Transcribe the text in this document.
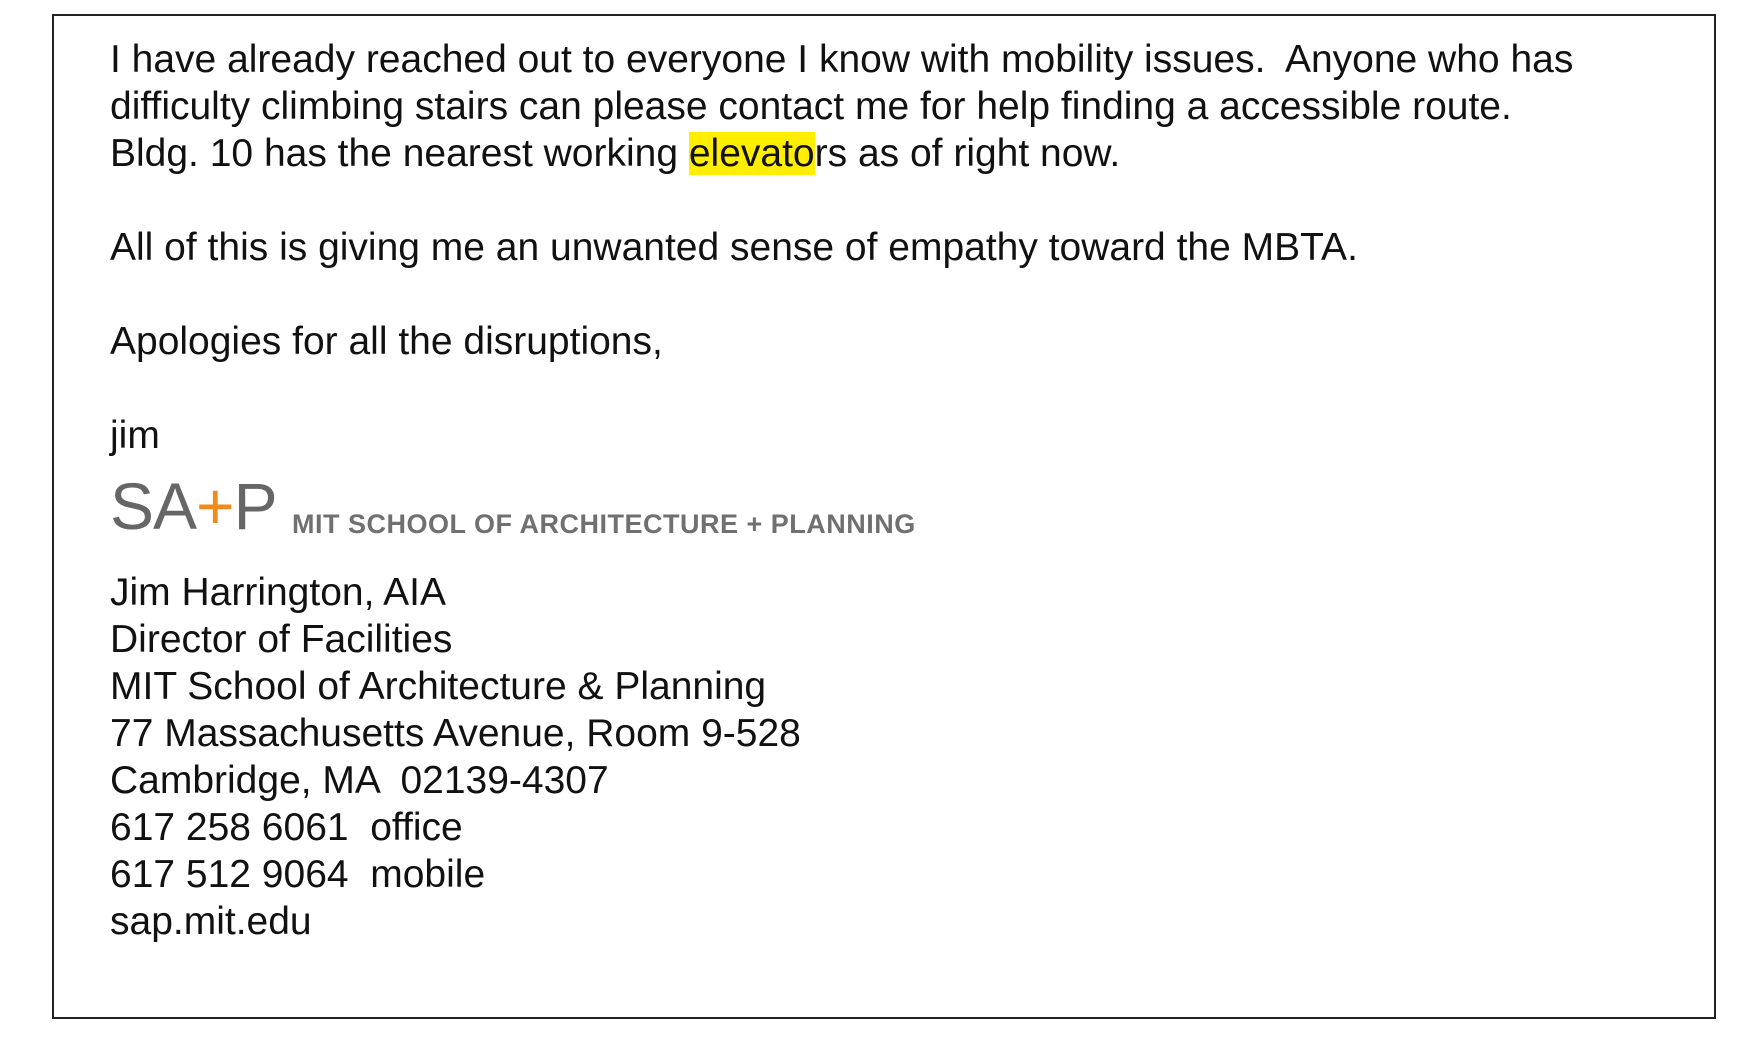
I have already reached out to everyone I know with mobility issues.  Anyone who has
difficulty climbing stairs can please contact me for help finding a accessible route.
Bldg. 10 has the nearest working elevators as of right now.
All of this is giving me an unwanted sense of empathy toward the MBTA.
Apologies for all the disruptions,
jim
SA+P MIT SCHOOL OF ARCHITECTURE + PLANNING
Jim Harrington, AIA
Director of Facilities
MIT School of Architecture & Planning
77 Massachusetts Avenue, Room 9-528
Cambridge, MA  02139-4307
617 258 6061  office
617 512 9064  mobile
sap.mit.edu
